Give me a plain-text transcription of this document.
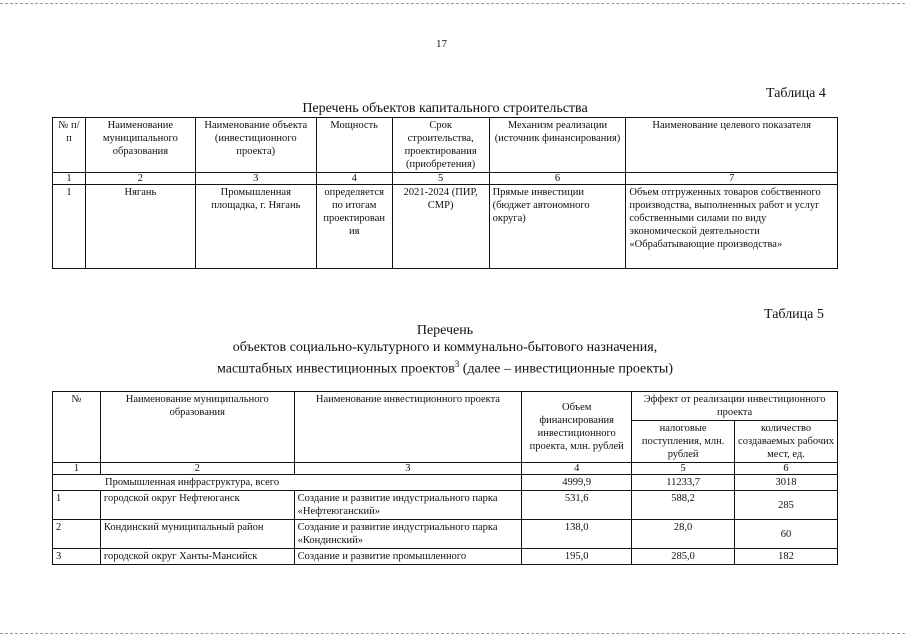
17
Таблица 4
Перечень объектов капитального строительства
№ п/п	Наименование муниципального образования	Наименование объекта (инвестиционного проекта)	Мощность	Срок строительства, проектирования (приобретения)	Механизм реализации (источник финансирования)	Наименование целевого показателя
1	2	3	4	5	6	7
1	Нягань	Промышленная площадка, г. Нягань	определяется по итогам проектирован ия	2021-2024 (ПИР, СМР)	Прямые инвестиции (бюджет автономного округа)	Объем отгруженных товаров собственного производства, выполненных работ и услуг собственными силами по виду экономической деятельности «Обрабатывающие производства»
Таблица 5
Перечень
объектов социально-культурного и коммунально-бытового назначения,
масштабных инвестиционных проектов$^3$ (далее – инвестиционные проекты)
№	Наименование муниципального образования	Наименование инвестиционного проекта	Объем финансирования инвестиционного проекта, млн. рублей	Эффект от реализации инвестиционного проекта	
				налоговые поступления, млн. рублей	количество создаваемых рабочих мест, ед.
1	2	3	4	5	6
Промышленная инфраструктура, всего			4999,9	11233,7	3018
1	городской округ Нефтеюганск	Создание и развитие индустриального парка «Нефтеюганский»	531,6	588,2	285
2	Кондинский муниципальный район	Создание и развитие индустриального парка «Кондинский»	138,0	28,0	60
3	городской округ Ханты-Мансийск	Создание и развитие промышленного	195,0	285,0	182
